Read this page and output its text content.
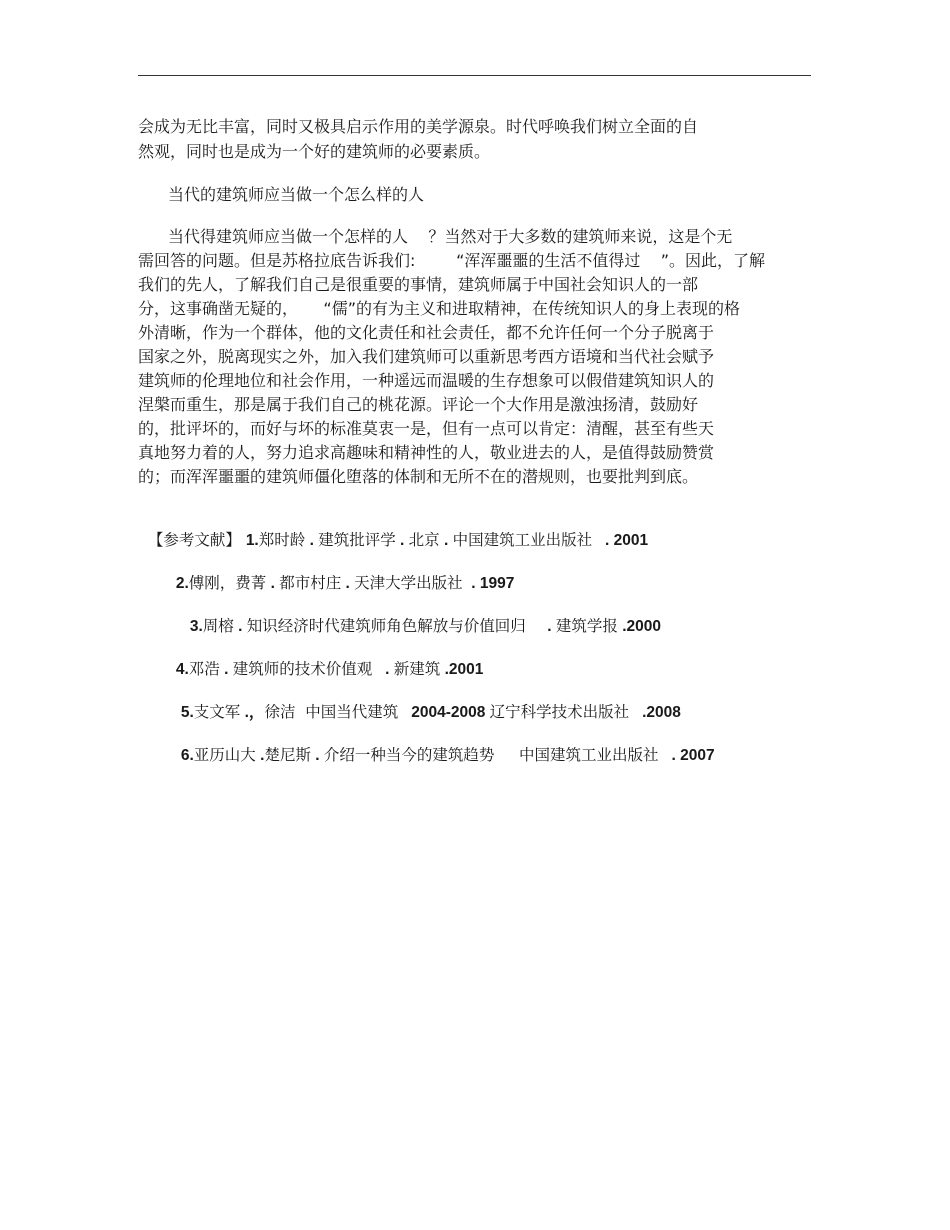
会成为无比丰富，同时又极具启示作用的美学源泉。时代呼唤我们树立全面的自
然观，同时也是成为一个好的建筑师的必要素质。
当代的建筑师应当做一个怎么样的人
当代得建筑师应当做一个怎样的人    ？当然对于大多数的建筑师来说，这是个无
需回答的问题。但是苏格拉底告诉我们:        “浑浑噩噩的生活不值得过    ”。因此，了解
我们的先人，了解我们自己是很重要的事情，建筑师属于中国社会知识人的一部
分，这事确凿无疑的，     “儒”的有为主义和进取精神，在传统知识人的身上表现的格
外清晰，作为一个群体，他的文化责任和社会责任，都不允许任何一个分子脱离于
国家之外，脱离现实之外，加入我们建筑师可以重新思考西方语境和当代社会赋予
建筑师的伦理地位和社会作用，一种遥远而温暖的生存想象可以假借建筑知识人的
涅槃而重生，那是属于我们自己的桃花源。评论一个大作用是激浊扬清，鼓励好
的，批评坏的，而好与坏的标准莫衷一是，但有一点可以肯定：清醒，甚至有些天
真地努力着的人，努力追求高趣味和精神性的人，敬业进去的人，是值得鼓励赞赏
的；而浑浑噩噩的建筑师僵化堕落的体制和无所不在的潜规则，也要批判到底。

【参考文献】 1.郑时龄 . 建筑批评学 . 北京 . 中国建筑工业出版社   . 2001

2.傅刚，费菁 . 都市村庄 . 天津大学出版社  . 1997

3.周榕 . 知识经济时代建筑师角色解放与价值回归     . 建筑学报 .2000

4.邓浩 . 建筑师的技术价值观   . 新建筑 .2001

5.支文军 .，徐洁  中国当代建筑   2004-2008 辽宁科学技术出版社   .2008

6.亚历山大 .楚尼斯 . 介绍一种当今的建筑趋势 中国建筑工业出版社   . 2007
